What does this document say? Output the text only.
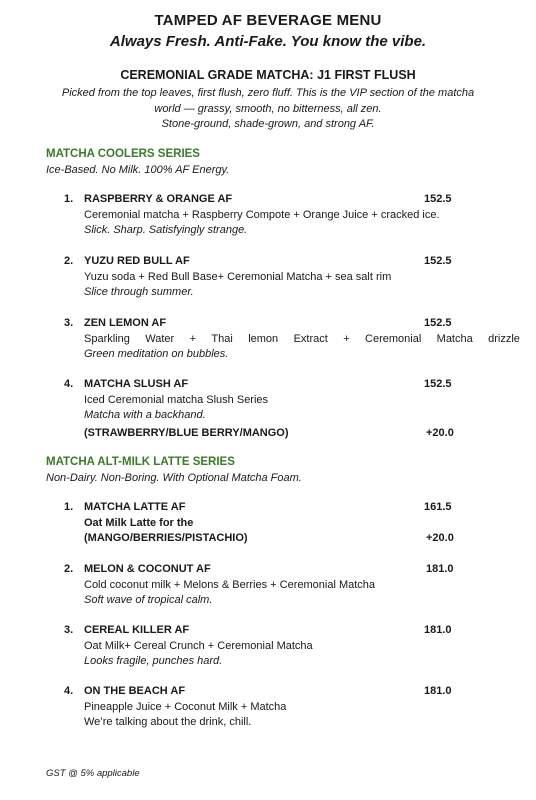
TAMPED AF BEVERAGE MENU
Always Fresh. Anti-Fake. You know the vibe.
CEREMONIAL GRADE MATCHA: J1 FIRST FLUSH
Picked from the top leaves, first flush, zero fluff. This is the VIP section of the matcha
world — grassy, smooth, no bitterness, all zen.
Stone-ground, shade-grown, and strong AF.
MATCHA COOLERS SERIES
Ice-Based. No Milk. 100% AF Energy.
1. RASPBERRY & ORANGE AF	152.5
Ceremonial matcha + Raspberry Compote + Orange Juice + cracked ice.
Slick. Sharp. Satisfyingly strange.
2. YUZU RED BULL AF	152.5
Yuzu soda + Red Bull Base+ Ceremonial Matcha + sea salt rim
Slice through summer.
3. ZEN LEMON AF	152.5
Sparkling Water + Thai lemon Extract + Ceremonial Matcha drizzle
Green meditation on bubbles.
4. MATCHA SLUSH AF	152.5
Iced Ceremonial matcha Slush Series
Matcha with a backhand.
(STRAWBERRY/BLUE BERRY/MANGO)	+20.0
MATCHA ALT-MILK LATTE SERIES
Non-Dairy. Non-Boring. With Optional Matcha Foam.
1. MATCHA LATTE AF	161.5
Oat Milk Latte for the
(MANGO/BERRIES/PISTACHIO)	+20.0
2. MELON & COCONUT AF	181.0
Cold coconut milk + Melons & Berries + Ceremonial Matcha
Soft wave of tropical calm.
3. CEREAL KILLER AF	181.0
Oat Milk+ Cereal Crunch + Ceremonial Matcha
Looks fragile, punches hard.
4. ON THE BEACH AF	181.0
Pineapple Juice + Coconut Milk + Matcha
We’re talking about the drink, chill.
GST @ 5% applicable
